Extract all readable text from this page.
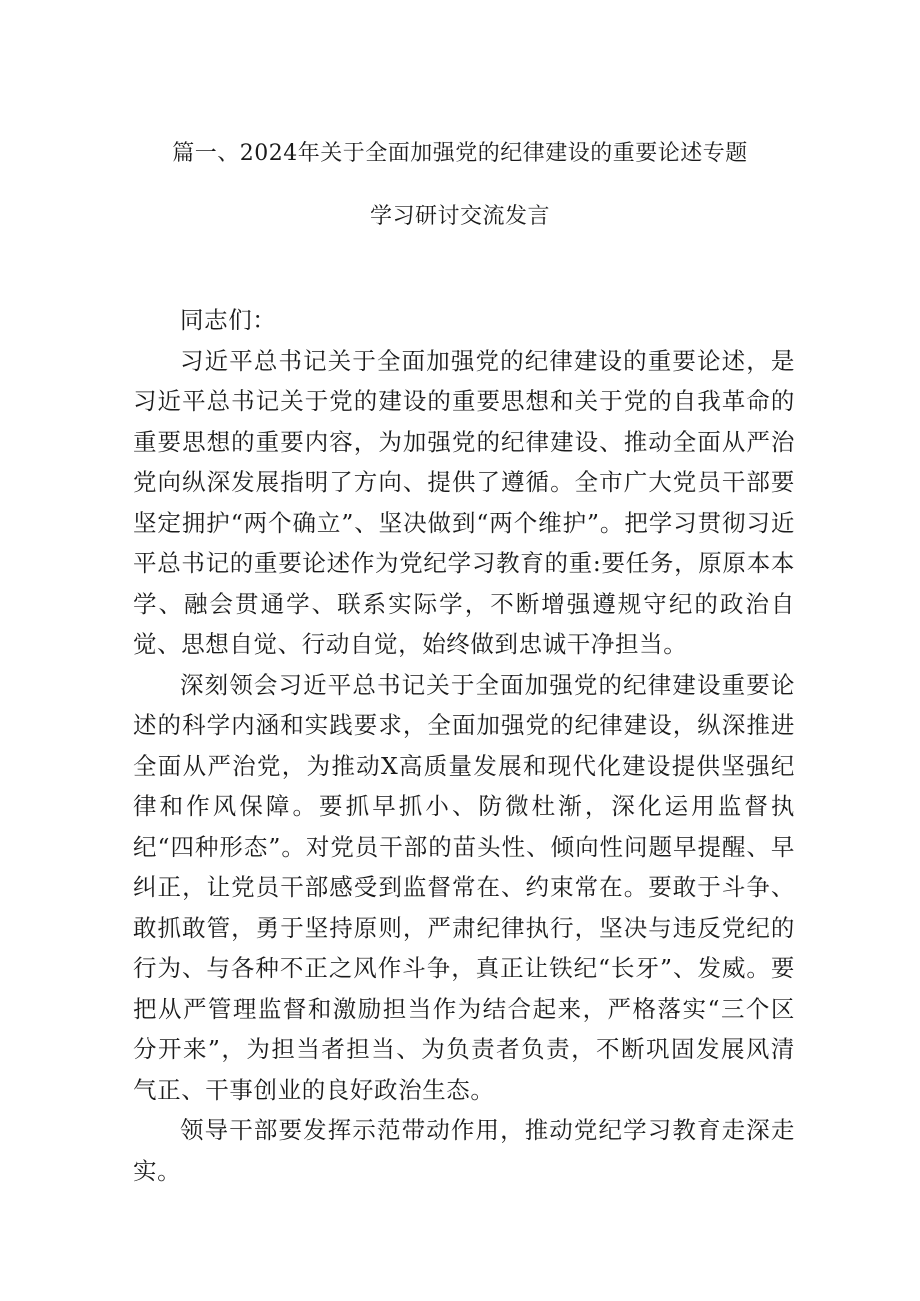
篇一、2024年关于全面加强党的纪律建设的重要论述专题
学习研讨交流发言

同志们：

习近平总书记关于全面加强党的纪律建设的重要论述，是习近平总书记关于党的建设的重要思想和关于党的自我革命的重要思想的重要内容，为加强党的纪律建设、推动全面从严治党向纵深发展指明了方向、提供了遵循。全市广大党员干部要坚定拥护“两个确立”、坚决做到“两个维护”。把学习贯彻习近平总书记的重要论述作为党纪学习教育的重:要任务，原原本本学、融会贯通学、联系实际学，不断增强遵规守纪的政治自觉、思想自觉、行动自觉，始终做到忠诚干净担当。

深刻领会习近平总书记关于全面加强党的纪律建设重要论述的科学内涵和实践要求，全面加强党的纪律建设，纵深推进全面从严治党，为推动X高质量发展和现代化建设提供坚强纪律和作风保障。要抓早抓小、防微杜渐，深化运用监督执纪“四种形态”。对党员干部的苗头性、倾向性问题早提醒、早纠正，让党员干部感受到监督常在、约束常在。要敢于斗争、敢抓敢管，勇于坚持原则，严肃纪律执行，坚决与违反党纪的行为、与各种不正之风作斗争，真正让铁纪“长牙”、发威。要把从严管理监督和激励担当作为结合起来，严格落实“三个区分开来”，为担当者担当、为负责者负责，不断巩固发展风清气正、干事创业的良好政治生态。

领导干部要发挥示范带动作用，推动党纪学习教育走深走实。
